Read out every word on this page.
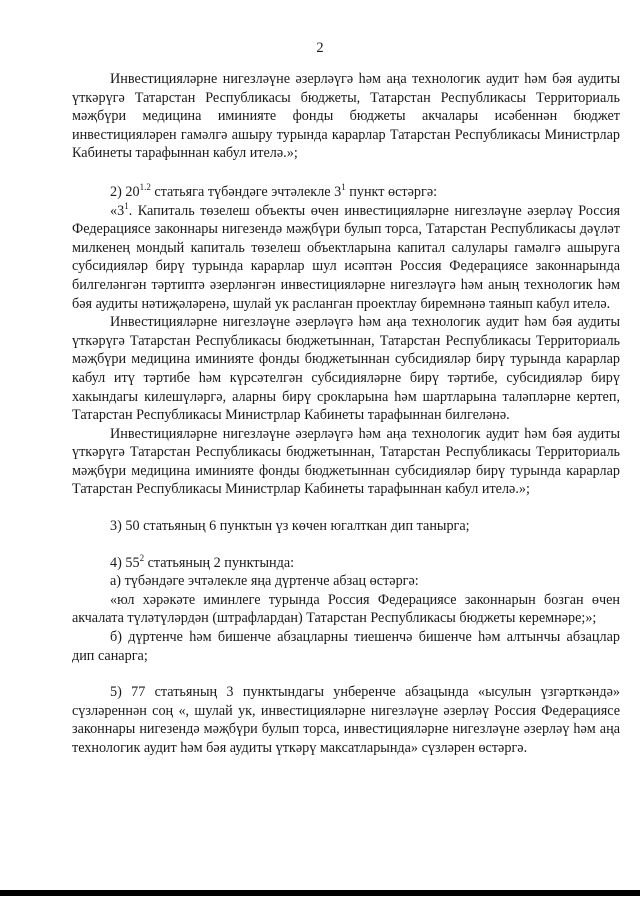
2

Инвестицияләрне нигезләүне әзерләүгә һәм аңа технологик аудит һәм бәя аудиты үткәрүгә Татарстан Республикасы бюджеты, Татарстан Республикасы Территориаль мәҗбүри медицина иминияте фонды бюджеты акчалары исәбеннән бюджет инвестицияләрен гамәлгә ашыру турында карарлар Татарстан Республикасы Министрлар Кабинеты тарафыннан кабул ителә.»;

2) $20^{1.2}$ статьяга түбәндәге эчтәлекле $3^1$ пункт өстәргә:

«$3^1$. Капиталь төзелеш объекты өчен инвестицияләрне нигезләүне әзерләү Россия Федерациясе законнары нигезендә мәҗбүри булып торса, Татарстан Республикасы дәүләт милкенең мондый капиталь төзелеш объектларына капитал салулары гамәлгә ашыруга субсидияләр бирү турында карарлар шул исәптән Россия Федерациясе законнарында билгеләнгән тәртиптә әзерләнгән инвестицияләрне нигезләүгә һәм аның технологик һәм бәя аудиты нәтиҗәләренә, шулай ук расланган проектлау биремнәнә таянып кабул ителә.

Инвестицияләрне нигезләүне әзерләүгә һәм аңа технологик аудит һәм бәя аудиты үткәрүгә Татарстан Республикасы бюджетыннан, Татарстан Республикасы Территориаль мәҗбүри медицина иминияте фонды бюджетыннан субсидияләр бирү турында карарлар кабул итү тәртибе һәм күрсәтелгән субсидияләрне бирү тәртибе, субсидияләр бирү хакындагы килешүләргә, аларны бирү срокларына һәм шартларына таләпләрне кертеп, Татарстан Республикасы Министрлар Кабинеты тарафыннан билгеләнә.

Инвестицияләрне нигезләүне әзерләүгә һәм аңа технологик аудит һәм бәя аудиты үткәрүгә Татарстан Республикасы бюджетыннан, Татарстан Республикасы Территориаль мәҗбүри медицина иминияте фонды бюджетыннан субсидияләр бирү турында карарлар Татарстан Республикасы Министрлар Кабинеты тарафыннан кабул ителә.»;

3) 50 статьяның 6 пунктын үз көчен югалткан дип танырга;

4) $55^2$ статьяның 2 пунктында:

а) түбәндәге эчтәлекле яңа дүртенче абзац өстәргә:

«юл хәрәкәте иминлеге турында Россия Федерациясе законнарын бозган өчен акчалата түләтүләрдән (штрафлардан) Татарстан Республикасы бюджеты керемнәре;»;

б) дүртенче һәм бишенче абзацларны тиешенчә бишенче һәм алтынчы абзацлар дип санарга;

5) 77 статьяның 3 пунктындагы унберенче абзацында «ысулын үзгәрткәндә» сүзләреннән соң «, шулай ук, инвестицияләрне нигезләүне әзерләү Россия Федерациясе законнары нигезендә мәҗбүри булып торса, инвестицияләрне нигезләүне әзерләү һәм аңа технологик аудит һәм бәя аудиты үткәрү максатларында» сүзләрен өстәргә.
